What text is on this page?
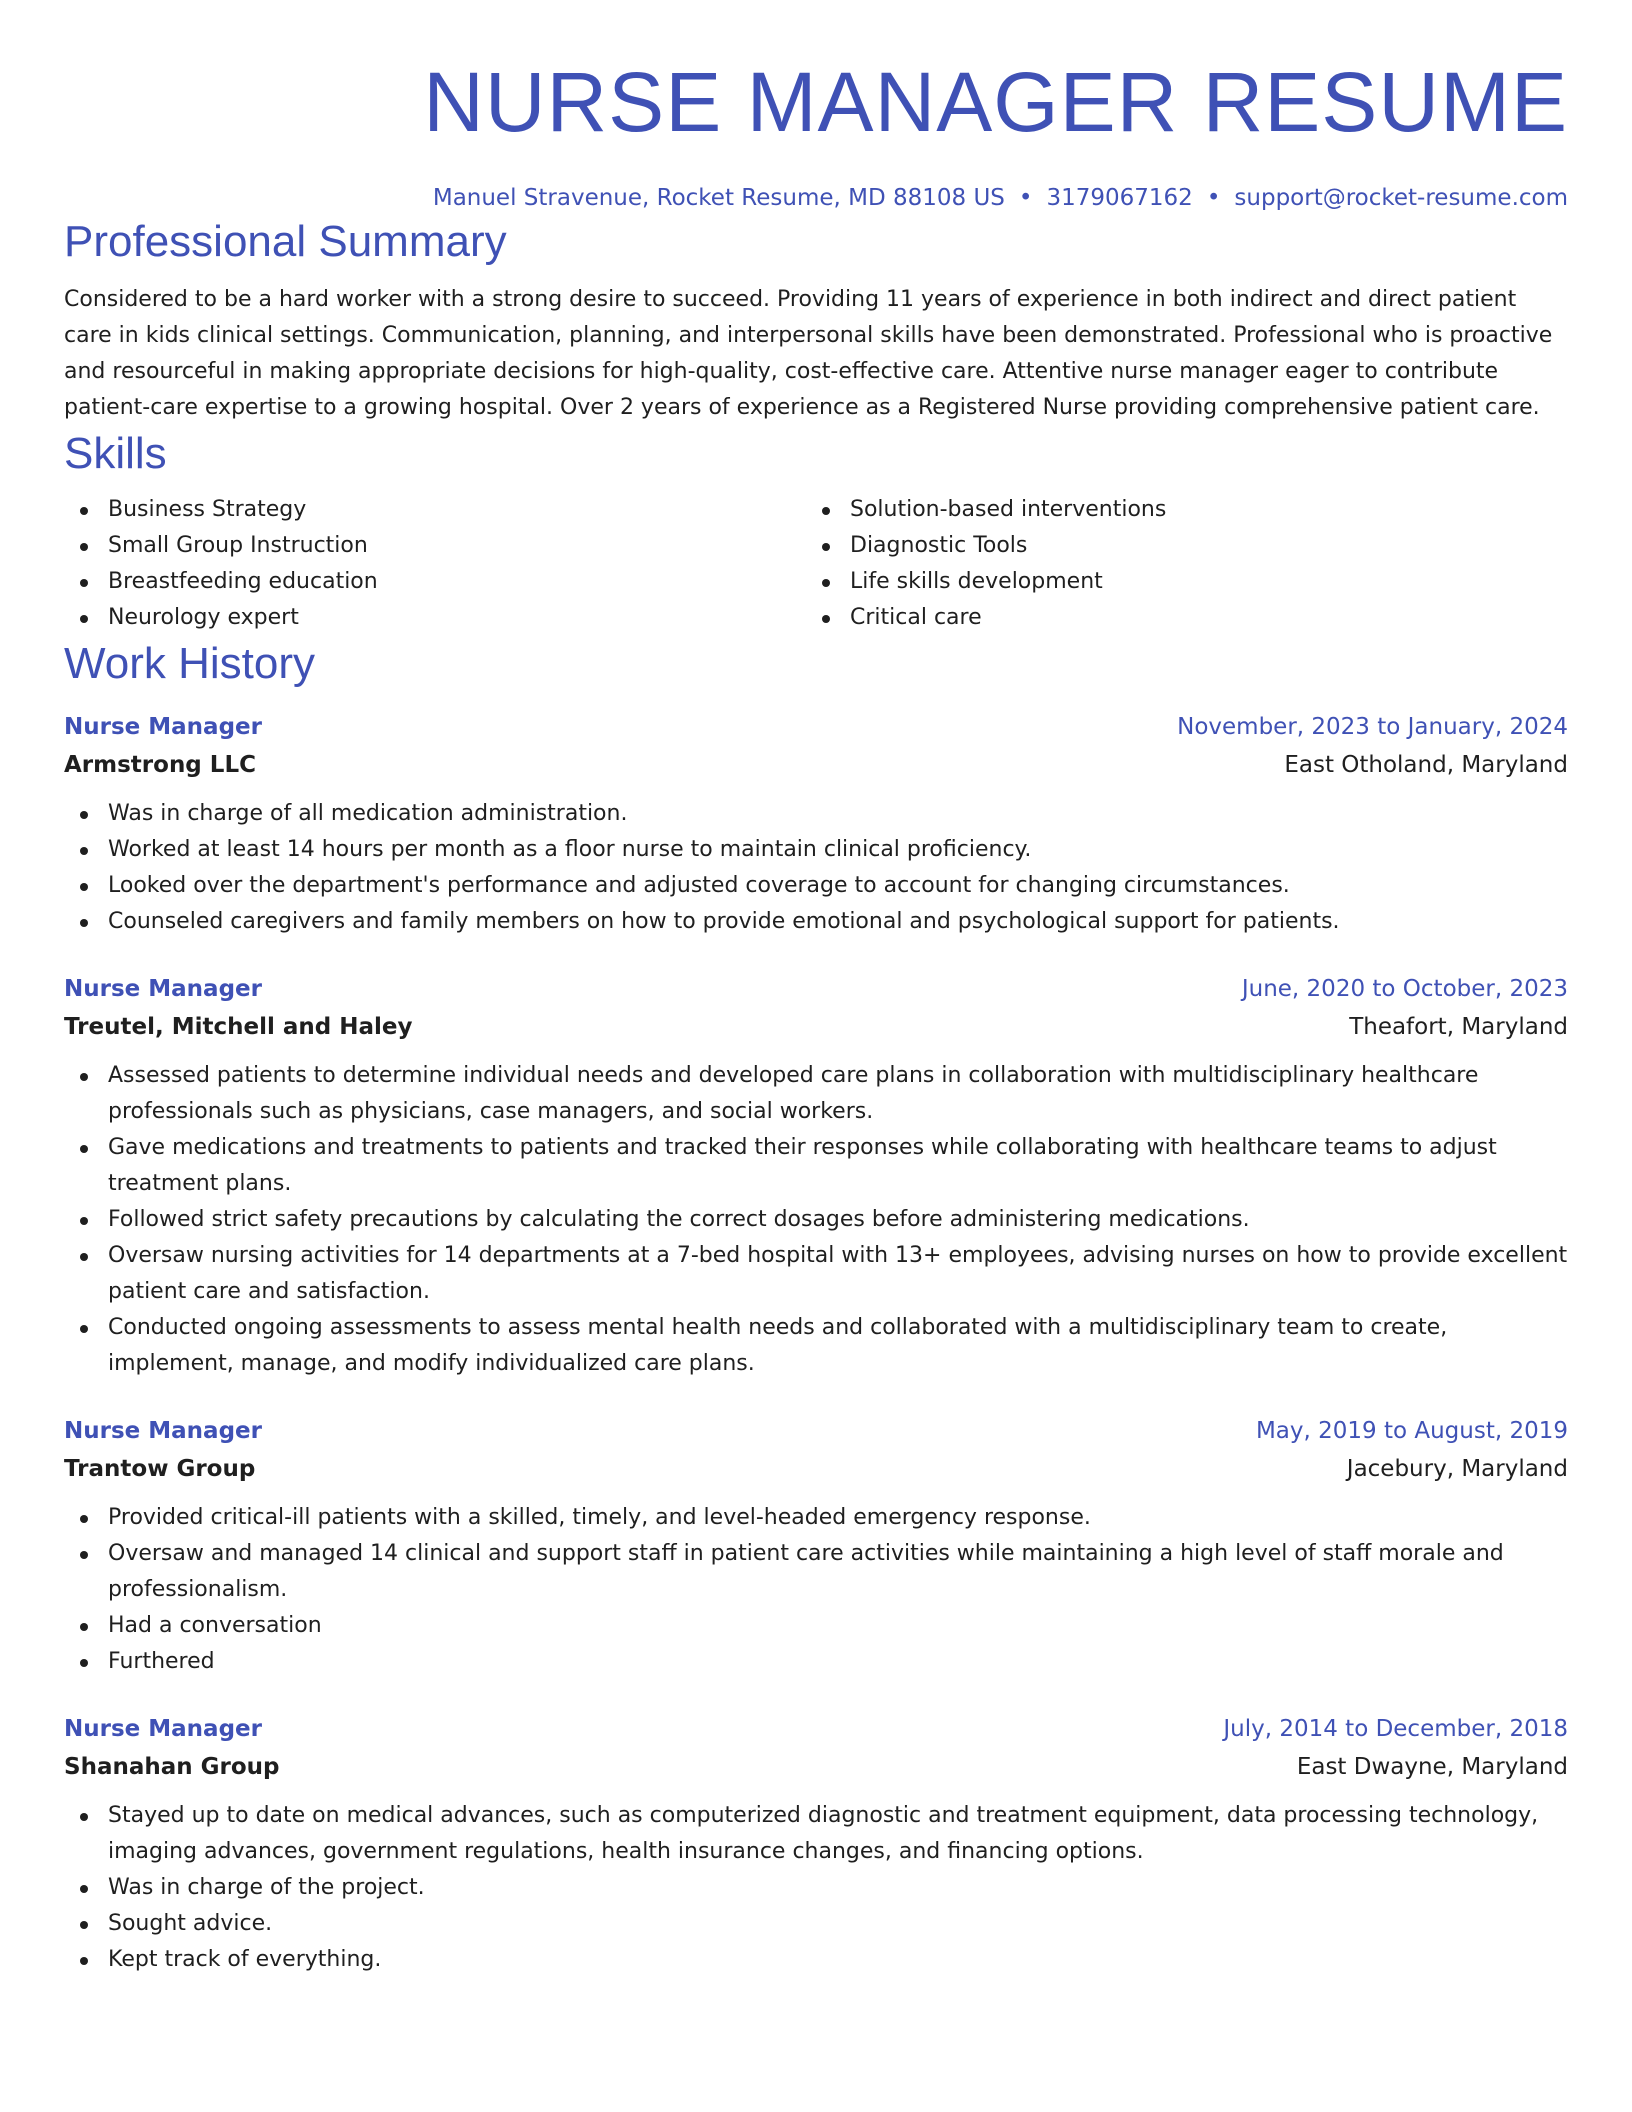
NURSE MANAGER RESUME
Manuel Stravenue, Rocket Resume, MD 88108 US • 3179067162 • support@rocket-resume.com
Professional Summary

Considered to be a hard worker with a strong desire to succeed. Providing 11 years of experience in both indirect and direct patient care in kids clinical settings. Communication, planning, and interpersonal skills have been demonstrated. Professional who is proactive and resourceful in making appropriate decisions for high-quality, cost-effective care. Attentive nurse manager eager to contribute patient-care expertise to a growing hospital. Over 2 years of experience as a Registered Nurse providing comprehensive patient care.

Skills
Business Strategy
Small Group Instruction
Breastfeeding education
Neurology expert
Solution-based interventions
Diagnostic Tools
Life skills development
Critical care
Work History
Nurse Manager	November, 2023 to January, 2024
Armstrong LLC	East Otholand, Maryland
Was in charge of all medication administration.
Worked at least 14 hours per month as a floor nurse to maintain clinical proficiency.
Looked over the department's performance and adjusted coverage to account for changing circumstances.
Counseled caregivers and family members on how to provide emotional and psychological support for patients.
Nurse Manager	June, 2020 to October, 2023
Treutel, Mitchell and Haley	Theafort, Maryland
Assessed patients to determine individual needs and developed care plans in collaboration with multidisciplinary healthcare professionals such as physicians, case managers, and social workers.
Gave medications and treatments to patients and tracked their responses while collaborating with healthcare teams to adjust treatment plans.
Followed strict safety precautions by calculating the correct dosages before administering medications.
Oversaw nursing activities for 14 departments at a 7-bed hospital with 13+ employees, advising nurses on how to provide excellent patient care and satisfaction.
Conducted ongoing assessments to assess mental health needs and collaborated with a multidisciplinary team to create, implement, manage, and modify individualized care plans.
Nurse Manager	May, 2019 to August, 2019
Trantow Group	Jacebury, Maryland
Provided critical-ill patients with a skilled, timely, and level-headed emergency response.
Oversaw and managed 14 clinical and support staff in patient care activities while maintaining a high level of staff morale and professionalism.
Had a conversation
Furthered
Nurse Manager	July, 2014 to December, 2018
Shanahan Group	East Dwayne, Maryland
Stayed up to date on medical advances, such as computerized diagnostic and treatment equipment, data processing technology, imaging advances, government regulations, health insurance changes, and financing options.
Was in charge of the project.
Sought advice.
Kept track of everything.
